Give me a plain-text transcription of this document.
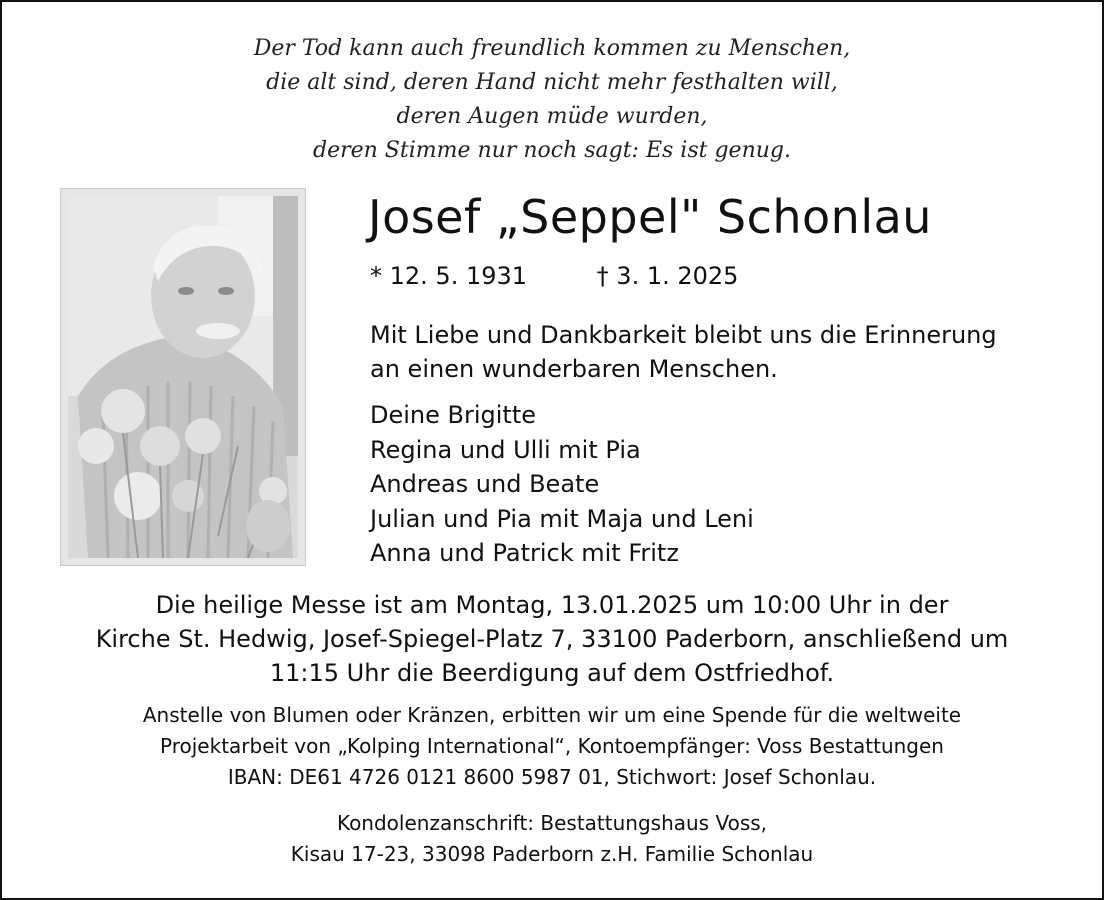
Der Tod kann auch freundlich kommen zu Menschen,
die alt sind, deren Hand nicht mehr festhalten will,
deren Augen müde wurden,
deren Stimme nur noch sagt: Es ist genug.
Josef „Seppel" Schonlau
* 12. 5. 1931	† 3. 1. 2025
Mit Liebe und Dankbarkeit bleibt uns die Erinnerung
an einen wunderbaren Menschen.
Deine Brigitte
Regina und Ulli mit Pia
Andreas und Beate
Julian und Pia mit Maja und Leni
Anna und Patrick mit Fritz
Die heilige Messe ist am Montag, 13.01.2025 um 10:00 Uhr in der
Kirche St. Hedwig, Josef-Spiegel-Platz 7, 33100 Paderborn, anschließend um
11:15 Uhr die Beerdigung auf dem Ostfriedhof.
Anstelle von Blumen oder Kränzen, erbitten wir um eine Spende für die weltweite
Projektarbeit von „Kolping International“, Kontoempfänger: Voss Bestattungen
IBAN: DE61 4726 0121 8600 5987 01, Stichwort: Josef Schonlau.
Kondolenzanschrift: Bestattungshaus Voss,
Kisau 17-23, 33098 Paderborn z.H. Familie Schonlau
